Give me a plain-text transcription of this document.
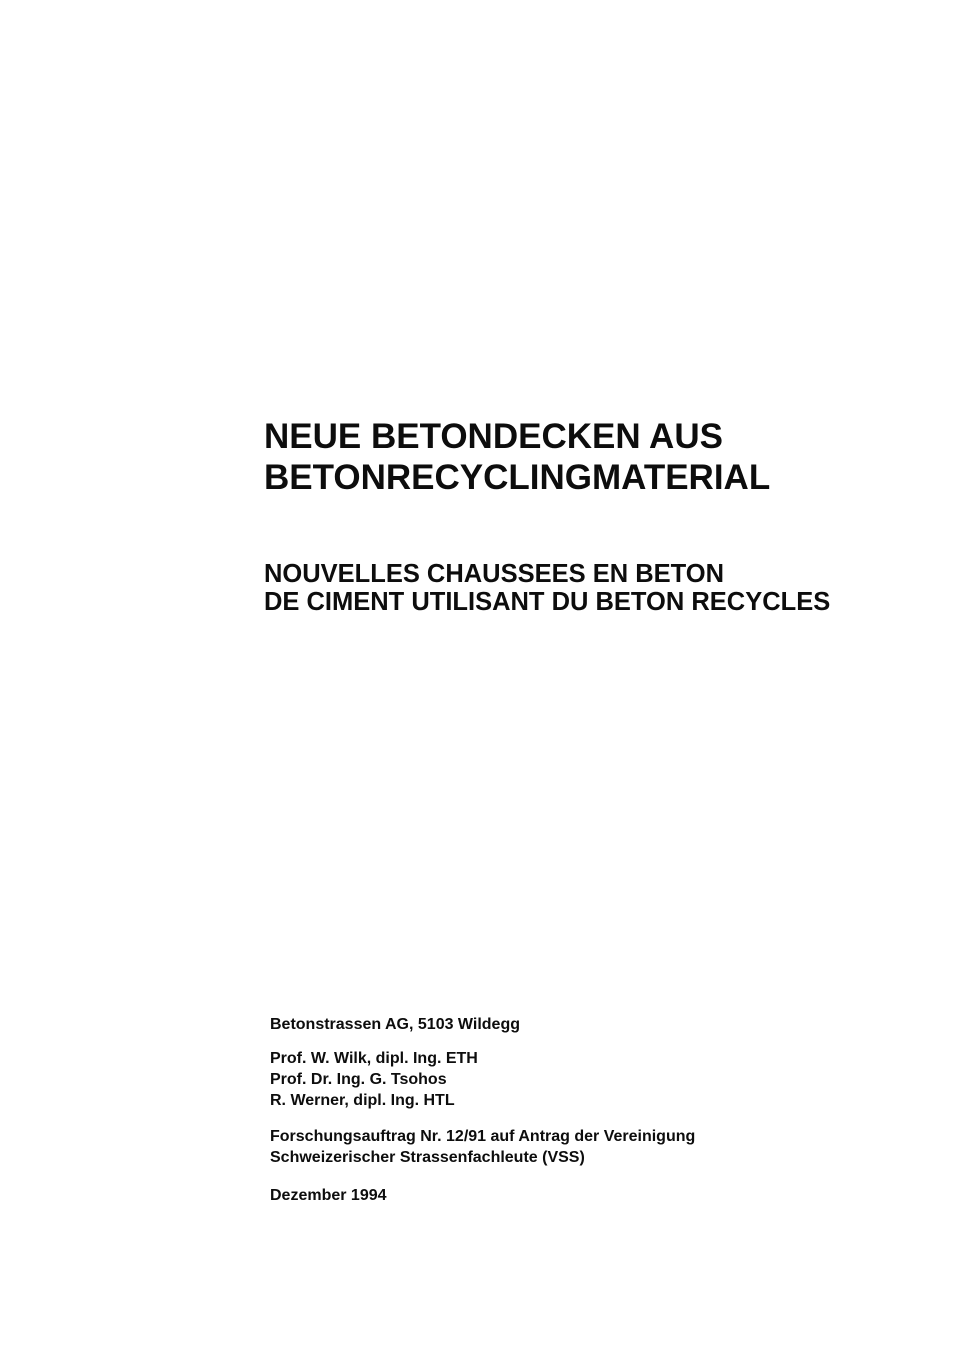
NEUE BETONDECKEN AUS
BETONRECYCLINGMATERIAL
NOUVELLES CHAUSSEES EN BETON
DE CIMENT UTILISANT DU BETON RECYCLES
Betonstrassen AG, 5103 Wildegg
Prof. W. Wilk, dipl. Ing. ETH
Prof. Dr. Ing. G. Tsohos
R. Werner, dipl. Ing. HTL
Forschungsauftrag Nr. 12/91 auf Antrag der Vereinigung
Schweizerischer Strassenfachleute (VSS)
Dezember 1994
